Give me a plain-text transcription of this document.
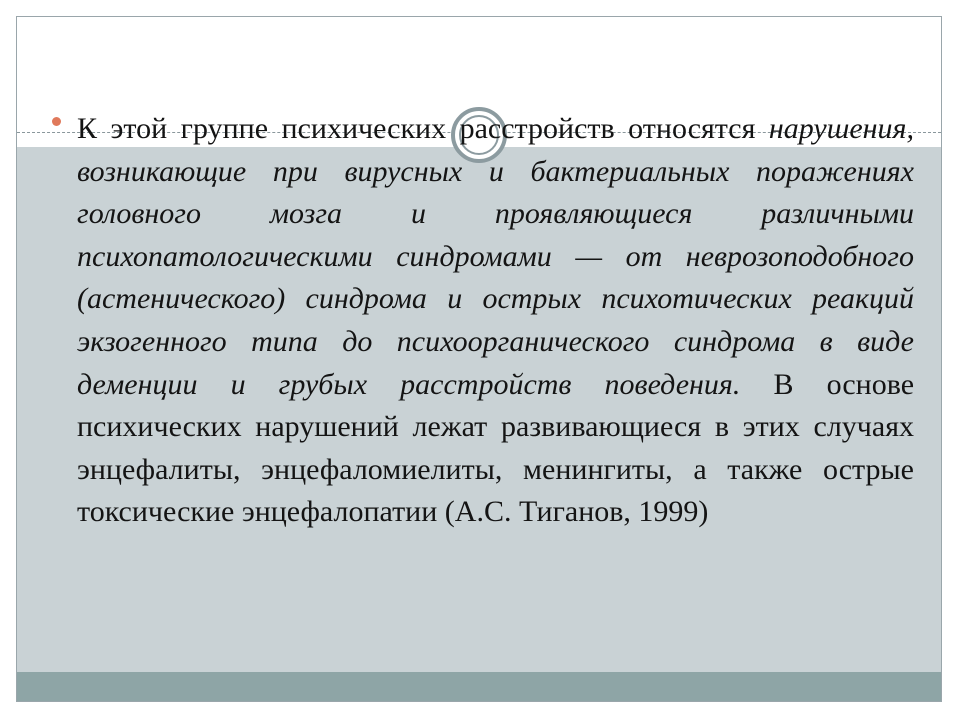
К этой группе психических расстройств относятся нарушения, возникающие при вирусных и бактериальных поражениях головного мозга и проявляющиеся различными психопатологическими синдромами — от неврозоподобного (астенического) синдрома и острых психотических реакций экзогенного типа до психоорганического синдрома в виде деменции и грубых расстройств поведения. В основе психических нарушений лежат развивающиеся в этих случаях энцефалиты, энцефаломиелиты, менингиты, а также острые токсические энцефалопатии (А.С. Тиганов, 1999)
